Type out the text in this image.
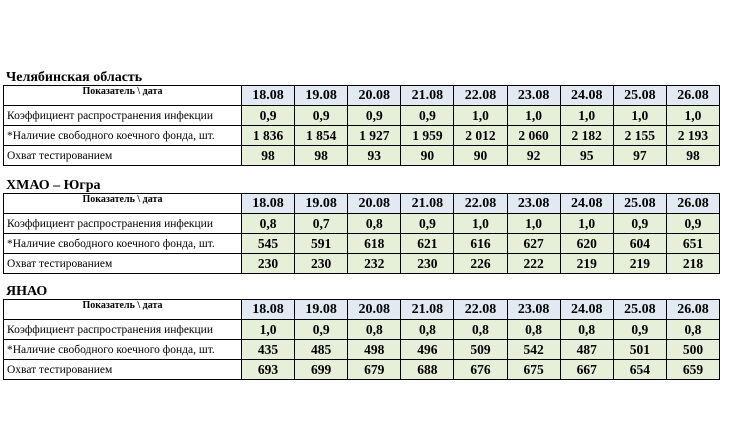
Челябинская область
Показатель \ дата	18.08	19.08	20.08	21.08	22.08	23.08	24.08	25.08	26.08
Коэффициент распространения инфекции	0,9	0,9	0,9	0,9	1,0	1,0	1,0	1,0	1,0
*Наличие свободного коечного фонда, шт.	1 836	1 854	1 927	1 959	2 012	2 060	2 182	2 155	2 193
Охват тестированием	98	98	93	90	90	92	95	97	98
ХМАО – Югра
Показатель \ дата	18.08	19.08	20.08	21.08	22.08	23.08	24.08	25.08	26.08
Коэффициент распространения инфекции	0,8	0,7	0,8	0,9	1,0	1,0	1,0	0,9	0,9
*Наличие свободного коечного фонда, шт.	545	591	618	621	616	627	620	604	651
Охват тестированием	230	230	232	230	226	222	219	219	218
ЯНАО
Показатель \ дата	18.08	19.08	20.08	21.08	22.08	23.08	24.08	25.08	26.08
Коэффициент распространения инфекции	1,0	0,9	0,8	0,8	0,8	0,8	0,8	0,9	0,8
*Наличие свободного коечного фонда, шт.	435	485	498	496	509	542	487	501	500
Охват тестированием	693	699	679	688	676	675	667	654	659
